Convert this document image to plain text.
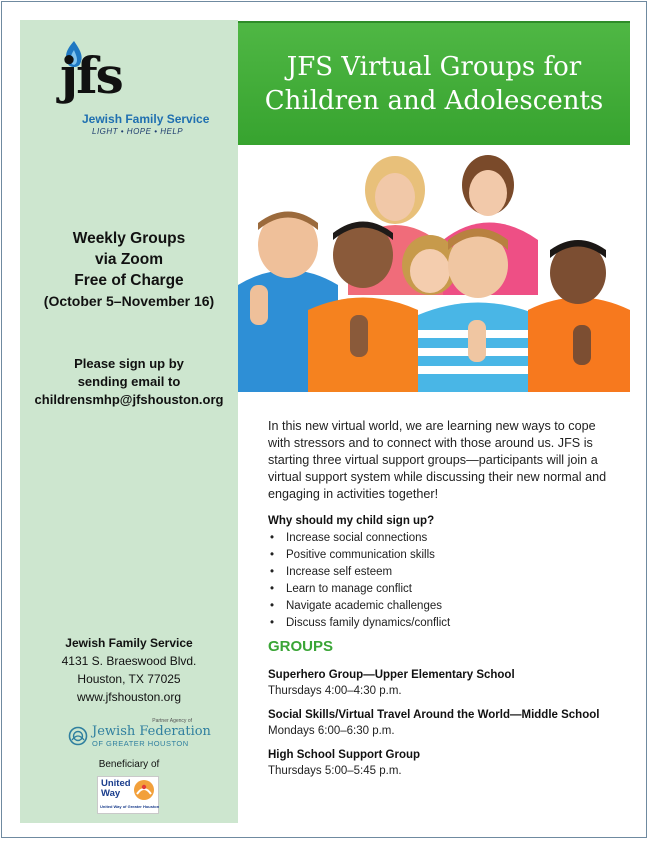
jfs
Jewish Family Service
LIGHT • HOPE • HELP
Weekly Groups
via Zoom
Free of Charge
(October 5–November 16)
Please sign up by
sending email to
childrensmhp@jfshouston.org
Jewish Family Service
4131 S. Braeswood Blvd.
Houston, TX 77025
www.jfshouston.org
Partner Agency of
Jewish Federation
OF GREATER HOUSTON
Beneficiary of
United Way
United Way of Greater Houston
JFS Virtual Groups for
Children and Adolescents
In this new virtual world, we are learning new ways to cope with stressors and to connect with those around us. JFS is starting three virtual support groups—participants will join a virtual support system while discussing their new normal and engaging in activities together!
Why should my child sign up?
• Increase social connections
• Positive communication skills
• Increase self esteem
• Learn to manage conflict
• Navigate academic challenges
• Discuss family dynamics/conflict
GROUPS
Superhero Group—Upper Elementary School
Thursdays 4:00–4:30 p.m.
Social Skills/Virtual Travel Around the World—Middle School
Mondays 6:00–6:30 p.m.
High School Support Group
Thursdays 5:00–5:45 p.m.
